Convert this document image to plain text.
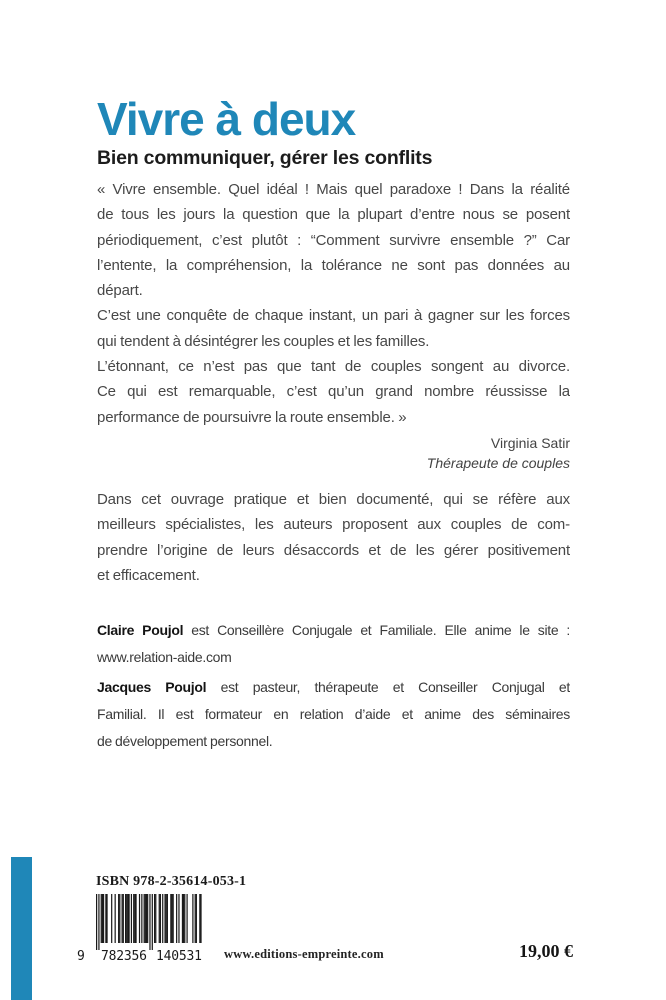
Vivre à deux
Bien communiquer, gérer les conflits
« Vivre ensemble. Quel idéal ! Mais quel paradoxe ! Dans la réalité
de tous les jours la question que la plupart d’entre nous se posent
périodiquement, c’est plutôt : “Comment survivre ensemble ?” Car
l’entente, la compréhension, la tolérance ne sont pas données au
départ.
C’est une conquête de chaque instant, un pari à gagner sur les forces
qui tendent à désintégrer les couples et les familles.
L’étonnant, ce n’est pas que tant de couples songent au divorce.
Ce qui est remarquable, c’est qu’un grand nombre réussisse la
performance de poursuivre la route ensemble. »
Virginia Satir
Thérapeute de couples
Dans cet ouvrage pratique et bien documenté, qui se réfère aux
meilleurs spécialistes, les auteurs proposent aux couples de com-
prendre l’origine de leurs désaccords et de les gérer positivement
et efficacement.
Claire Poujol est Conseillère Conjugale et Familiale. Elle anime le site :
www.relation-aide.com
Jacques Poujol est pasteur, thérapeute et Conseiller Conjugal et
Familial. Il est formateur en relation d’aide et anime des séminaires
de développement personnel.
ISBN 978-2-35614-053-1
9 782356 140531 www.editions-empreinte.com	19,00 €
